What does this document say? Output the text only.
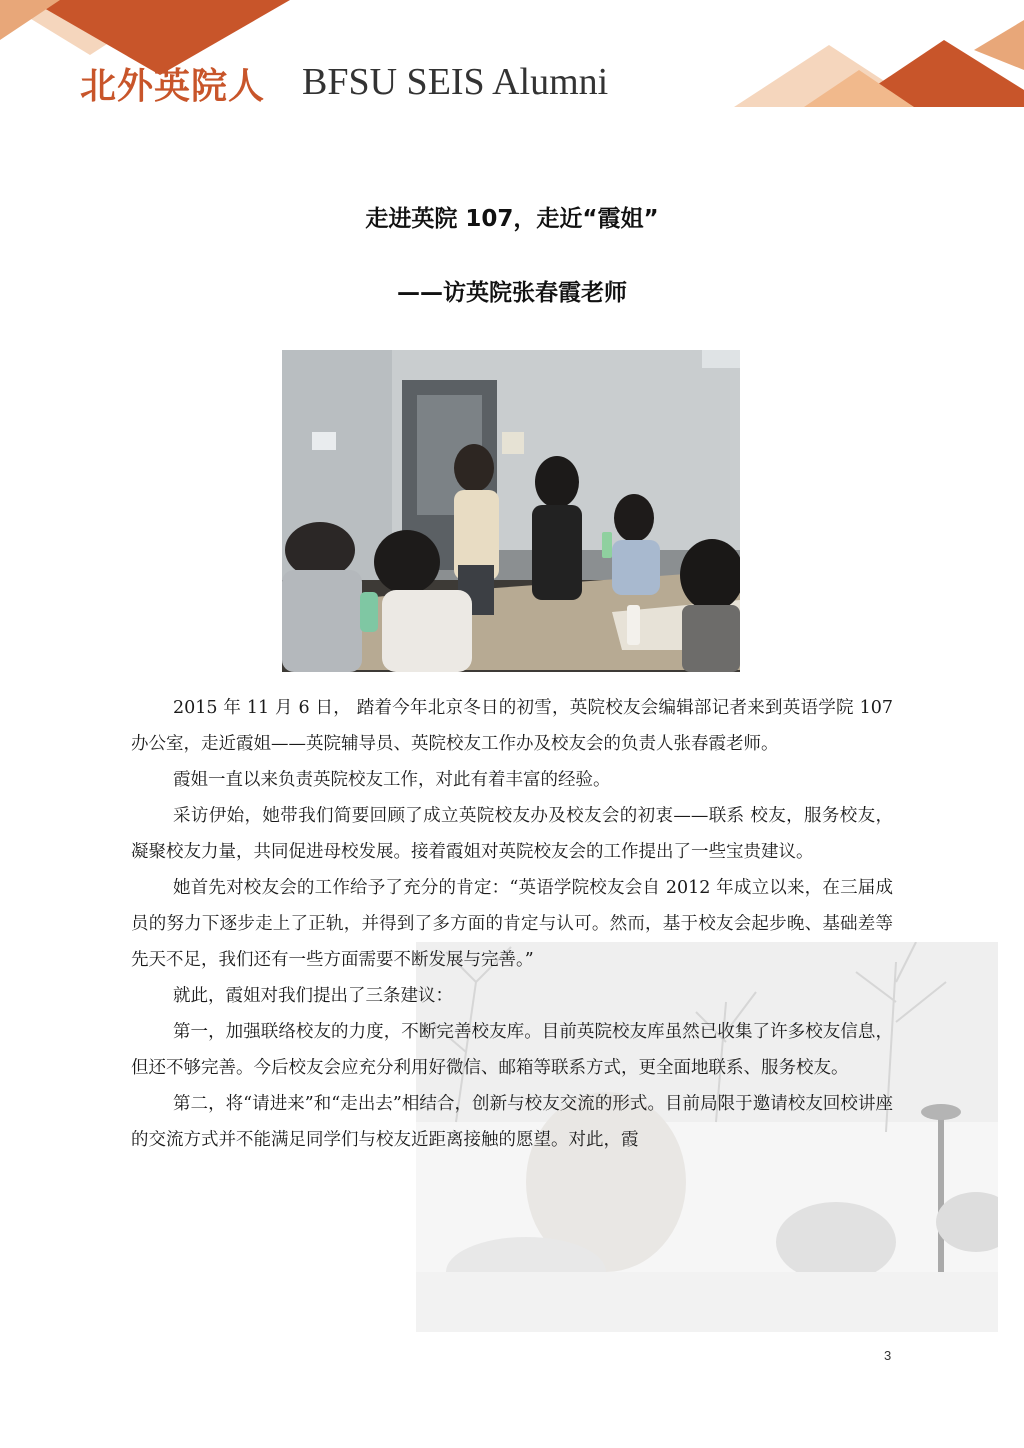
北外英院人 BFSU SEIS Alumni
走进英院 107，走近“霞姐”
——访英院张春霞老师

2015 年 11 月 6 日， 踏着今年北京冬日的初雪，英院校友会编辑部记者来到英语学院 107 办公室，走近霞姐——英院辅导员、英院校友工作办及校友会的负责人张春霞老师。

霞姐一直以来负责英院校友工作，对此有着丰富的经验。

采访伊始，她带我们简要回顾了成立英院校友办及校友会的初衷——联系 校友，服务校友，凝聚校友力量，共同促进母校发展。接着霞姐对英院校友会的工作提出了一些宝贵建议。

她首先对校友会的工作给予了充分的肯定：“英语学院校友会自 2012 年成立以来，在三届成员的努力下逐步走上了正轨，并得到了多方面的肯定与认可。然而，基于校友会起步晚、基础差等先天不足，我们还有一些方面需要不断发展与完善。”

就此，霞姐对我们提出了三条建议：

第一，加强联络校友的力度，不断完善校友库。目前英院校友库虽然已收集了许多校友信息，但还不够完善。今后校友会应充分利用好微信、邮箱等联系方式，更全面地联系、服务校友。

第二，将“请进来”和“走出去”相结合，创新与校友交流的形式。目前局限于邀请校友回校讲座的交流方式并不能满足同学们与校友近距离接触的愿望。对此，霞

3
